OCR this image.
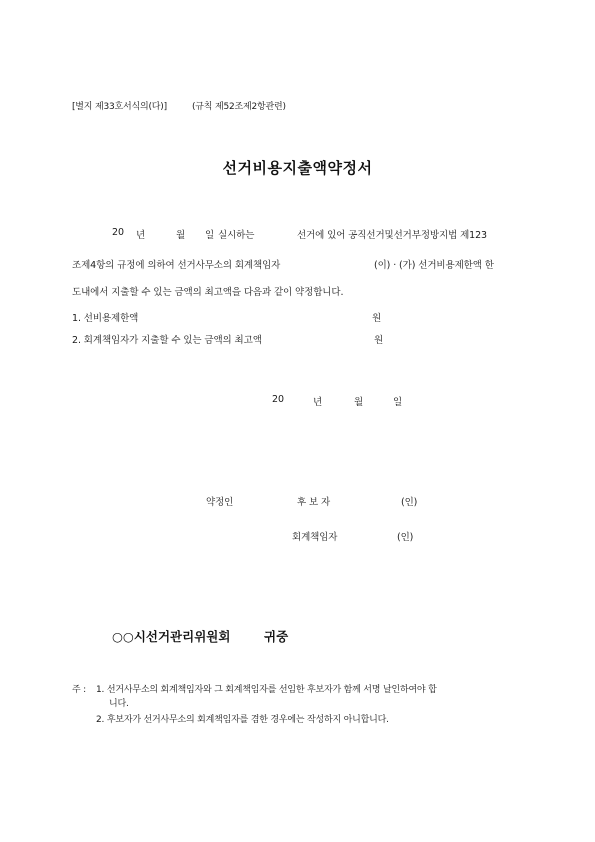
[별지 제33호서식의(다)]	(규칙 제52조제2항관련)
선거비용지출액약정서
20 년	월 일 실시하는	선거에 있어 공직선거및선거부정방지법 제123
조제4항의 규정에 의하여 선거사무소의 회계책임자	(이) · (가) 선거비용제한액 한
도내에서 지출할 수 있는 금액의 최고액을 다음과 같이 약정합니다.
1. 선비용제한액	원
2. 회계책임자가 지출할 수 있는 금액의 최고액	원
20	년	월	일
약정인	후 보 자	(인)
회계책임자	(인)
○○시선거관리위원회	귀중
주 : 1. 선거사무소의 회계책임자와 그 회계책임자를 선임한 후보자가 함께 서명 날인하여야 합
니다.
2. 후보자가 선거사무소의 회계책임자를 겸한 경우에는 작성하지 아니합니다.
